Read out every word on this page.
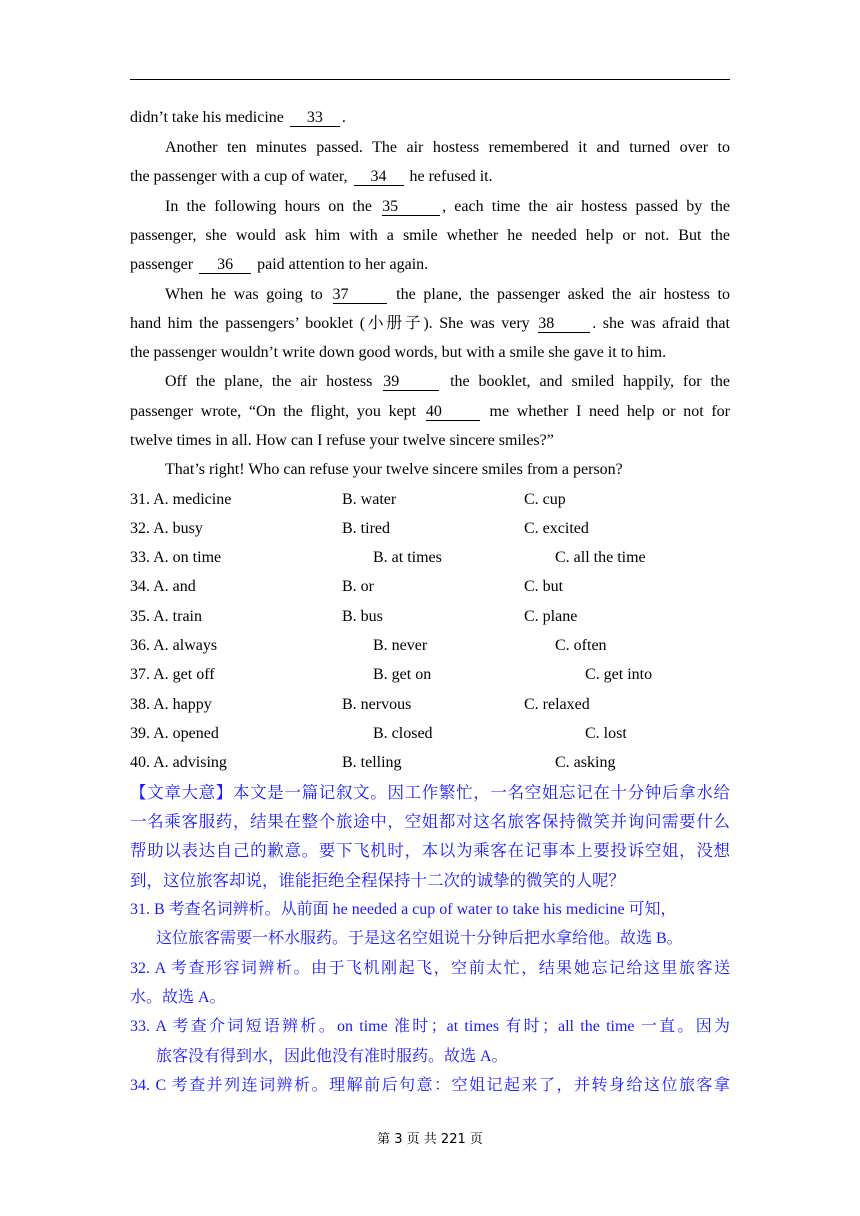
didn’t take his medicine 33 .
Another ten minutes passed. The air hostess remembered it and turned over to
the passenger with a cup of water, 34 he refused it.
In the following hours on the 35	, each time the air hostess passed by the
passenger, she would ask him with a smile whether he needed help or not. But the
passenger 36 paid attention to her again.
When he was going to 37	the plane, the passenger asked the air hostess to
hand him the passengers’ booklet (小册子). She was very 38 . she was afraid that
the passenger wouldn’t write down good words, but with a smile she gave it to him.
Off the plane, the air hostess 39	the booklet, and smiled happily, for the
passenger wrote, “On the flight, you kept 40	me whether I need help or not for
twelve times in all. How can I refuse your twelve sincere smiles?”
That’s right! Who can refuse your twelve sincere smiles from a person?
31. A. medicine	B. water	C. cup
32. A. busy	B. tired	C. excited
33. A. on time	B. at times	C. all the time
34. A. and	B. or	C. but
35. A. train	B. bus	C. plane
36. A. always	B. never	C. often
37. A. get off	B. get on	C. get into
38. A. happy	B. nervous	C. relaxed
39. A. opened	B. closed	C. lost
40. A. advising	B. telling	C. asking
【文章大意】本文是一篇记叙文。因工作繁忙，一名空姐忘记在十分钟后拿水给
一名乘客服药，结果在整个旅途中，空姐都对这名旅客保持微笑并询问需要什么
帮助以表达自己的歉意。要下飞机时，本以为乘客在记事本上要投诉空姐，没想
到，这位旅客却说，谁能拒绝全程保持十二次的诚挚的微笑的人呢？
31. B 考查名词辨析。从前面 he needed a cup of water to take his medicine 可知，
这位旅客需要一杯水服药。于是这名空姐说十分钟后把水拿给他。故选 B。
32. A 考查形容词辨析。由于飞机刚起飞，空前太忙，结果她忘记给这里旅客送
水。故选 A。
33. A 考查介词短语辨析。on time 准时；at times 有时；all the time 一直。因为
旅客没有得到水，因此他没有准时服药。故选 A。
34. C 考查并列连词辨析。理解前后句意：空姐记起来了，并转身给这位旅客拿
第 3 页 共 221 页
